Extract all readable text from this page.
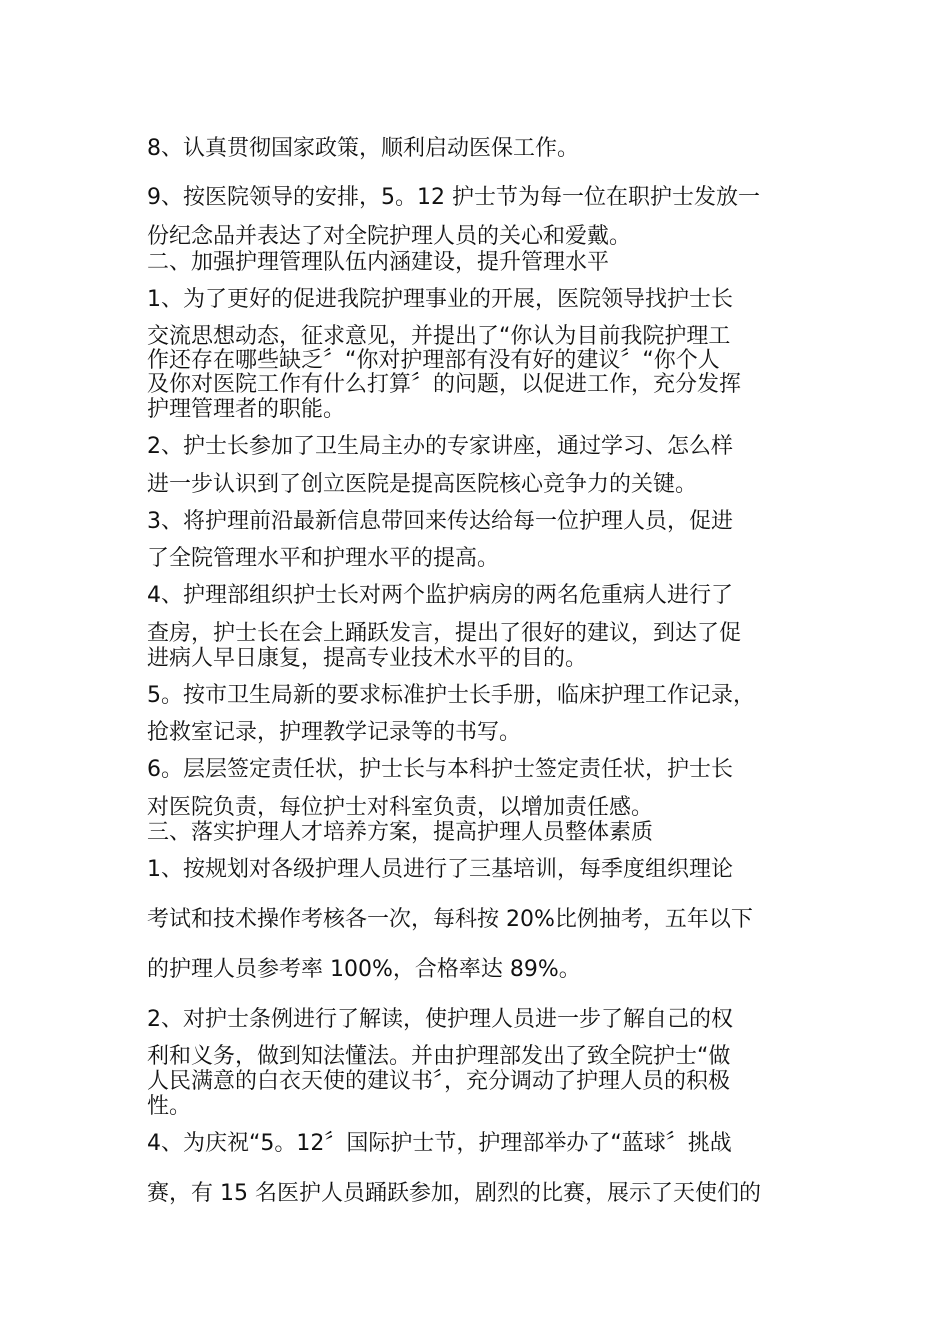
8、认真贯彻国家政策，顺利启动医保工作。

9、按医院领导的安排，5。12 护士节为每一位在职护士发放一

份纪念品并表达了对全院护理人员的关心和爱戴。

二、加强护理管理队伍内涵建设，提升管理水平

1、为了更好的促进我院护理事业的开展，医院领导找护士长

交流思想动态，征求意见，并提出了“你认为目前我院护理工

作还存在哪些缺乏〞“你对护理部有没有好的建议〞“你个人

及你对医院工作有什么打算〞的问题，以促进工作，充分发挥

护理管理者的职能。

2、护士长参加了卫生局主办的专家讲座，通过学习、怎么样

进一步认识到了创立医院是提高医院核心竞争力的关键。

3、将护理前沿最新信息带回来传达给每一位护理人员，促进

了全院管理水平和护理水平的提高。

4、护理部组织护士长对两个监护病房的两名危重病人进行了

查房，护士长在会上踊跃发言，提出了很好的建议，到达了促

进病人早日康复，提高专业技术水平的目的。

5。按市卫生局新的要求标准护士长手册，临床护理工作记录，

抢救室记录，护理教学记录等的书写。

6。层层签定责任状，护士长与本科护士签定责任状，护士长

对医院负责，每位护士对科室负责，以增加责任感。

三、落实护理人才培养方案，提高护理人员整体素质

1、按规划对各级护理人员进行了三基培训，每季度组织理论

考试和技术操作考核各一次，每科按 20%比例抽考，五年以下

的护理人员参考率 100%，合格率达 89%。

2、对护士条例进行了解读，使护理人员进一步了解自己的权

利和义务，做到知法懂法。并由护理部发出了致全院护士“做

人民满意的白衣天使的建议书〞，充分调动了护理人员的积极

性。

4、为庆祝“5。12〞国际护士节，护理部举办了“蓝球〞挑战

赛，有 15 名医护人员踊跃参加，剧烈的比赛，展示了天使们的
